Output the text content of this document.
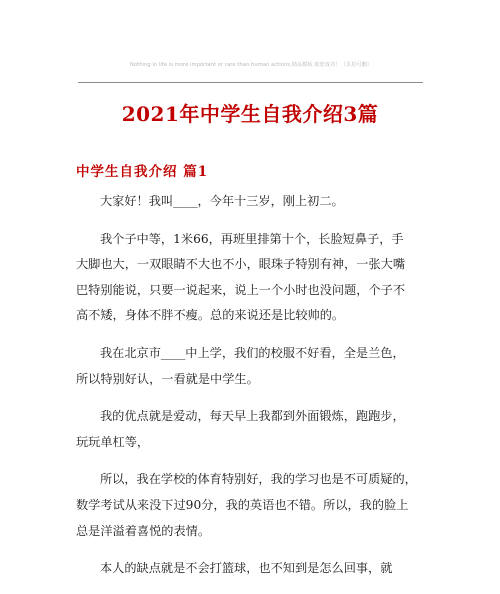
Nothing in life is more important or rare than human actions.精品模板 助您成功！（页眉可删）
2021年中学生自我介绍3篇
中学生自我介绍 篇1

大家好！我叫____，今年十三岁，刚上初二。

我个子中等，1米66，再班里排第十个，长脸短鼻子，手
大脚也大，一双眼睛不大也不小，眼珠子特别有神，一张大嘴
巴特别能说，只要一说起来，说上一个小时也没问题，个子不
高不矮，身体不胖不瘦。总的来说还是比较帅的。

我在北京市____中上学，我们的校服不好看，全是兰色，
所以特别好认，一看就是中学生。

我的优点就是爱动，每天早上我都到外面锻炼，跑跑步，
玩玩单杠等，

所以，我在学校的体育特别好，我的学习也是不可质疑的，
数学考试从来没下过90分，我的英语也不错。所以，我的脸上
总是洋溢着喜悦的表情。

本人的缺点就是不会打篮球，也不知到是怎么回事，就
